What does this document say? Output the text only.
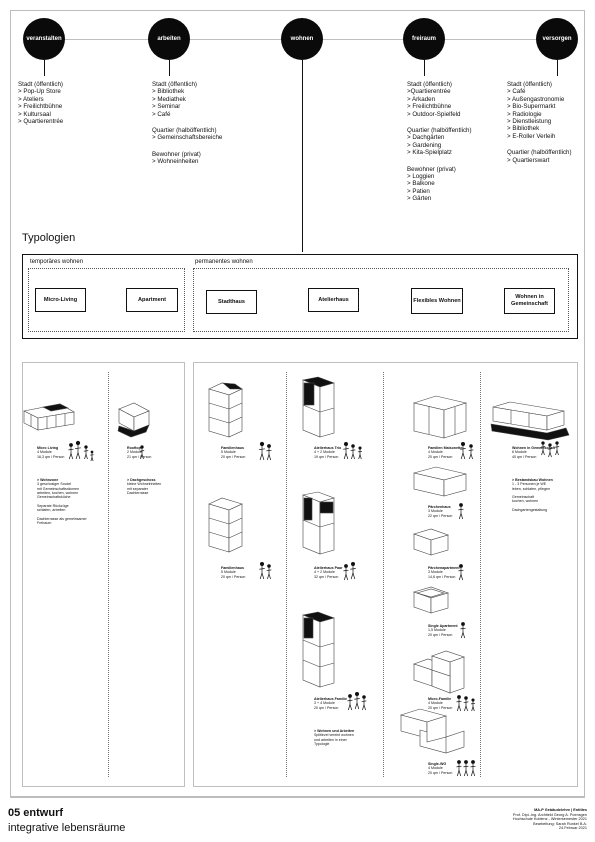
veranstalten	arbeiten	wohnen	freiraum	versorgen
Stadt (öffentlich)
> Pop-Up Store
> Ateliers
> Freilichtbühne
> Kultursaal
> Quartierentrée
Stadt (öffentlich)
> Bibliothek
> Mediathek
> Seminar
> Café
Quartier (halböffentlich)
> Gemeinschaftsbereiche
Bewohner (privat)
> Wohneinheiten
Stadt (öffentlich)
>Quartierentrée
> Arkaden
> Freilichtbühne
> Outdoor-Spielfeld
Quartier (halböffentlich)
> Dachgärten
> Gardening
> Kita-Spielplatz
Bewohner (privat)
> Loggien
> Balkone
> Patien
> Gärten
Stadt (öffentlich)
> Café
> Außengastronomie
> Bio-Supermarkt
> Radiologie
> Dienstleistung
> Bibliothek
> E-Roller Verleih
Quartier (halböffentlich)
> Quartierswart
Typologien
temporäres wohnen	permanentes wohnen
Micro-Living	Apartment	Stadthaus	Atelierhaus	Flexibles Wohnen
Wohnen in Gemeinschaft
Micro Living
4 Module
16,3 qm / Person
Rooftop
2 Module
21 qm / Person
Familienhaus
5 Module
20 qm / Person
Familienhaus
5 Module
20 qm / Person
Atelierhaus Trio
4 + 2 Module
19 qm / Person
Atelierhaus Paar
4 + 2 Module
32 qm / Person
Atelierhaus Familie
3 + 4 Module
20 qm / Person
Familien Maisonette
4 Module
20 qm / Person
Pärchenhaus
3 Module
22 qm / Person
Pärchenapartment
3 Module
14,6 qm / Person
Single Apartment
1,5 Module
20 qm / Person
Micro-Familie
4 Module
20 qm / Person
Single-WG
4 Module
20 qm / Person
Wohnen in Gemeinschaft
6 Module
40 qm / Person
> Wohnzone
3 geschosiger Sockel
mit Gemeinschaftsräumen
arbeiten, kochen, wohnen
Gemeinschaftsküche

Separate Rückzüge
schlafen, arbeiten

Dachterrasse als gemeinsamer
Freiraum
> Dachgeschoss
kleine Wohneinheiten
mit separater
Dachterrasse
> Wohnen und Arbeiten
Splitlevel vereint wohnen
und arbeiten in einer
Typologie
> Bestandsbau Wohnen
1 - 3 Personen je WE
leben, schlafen, pflegen

Gemeinschaft
kochen, wohnen

Dachgartengestaltung
05 entwurf
integrative lebensräume
MA-P Gebäudelehre | Entitles
Prof. Dipl.-Ing. Architekt Georg A. Poensgen
Hochschule Koblenz - Wintersemester 2021
Bearbeitung: Sarah Runkel B.A.
24.Februar 2021
